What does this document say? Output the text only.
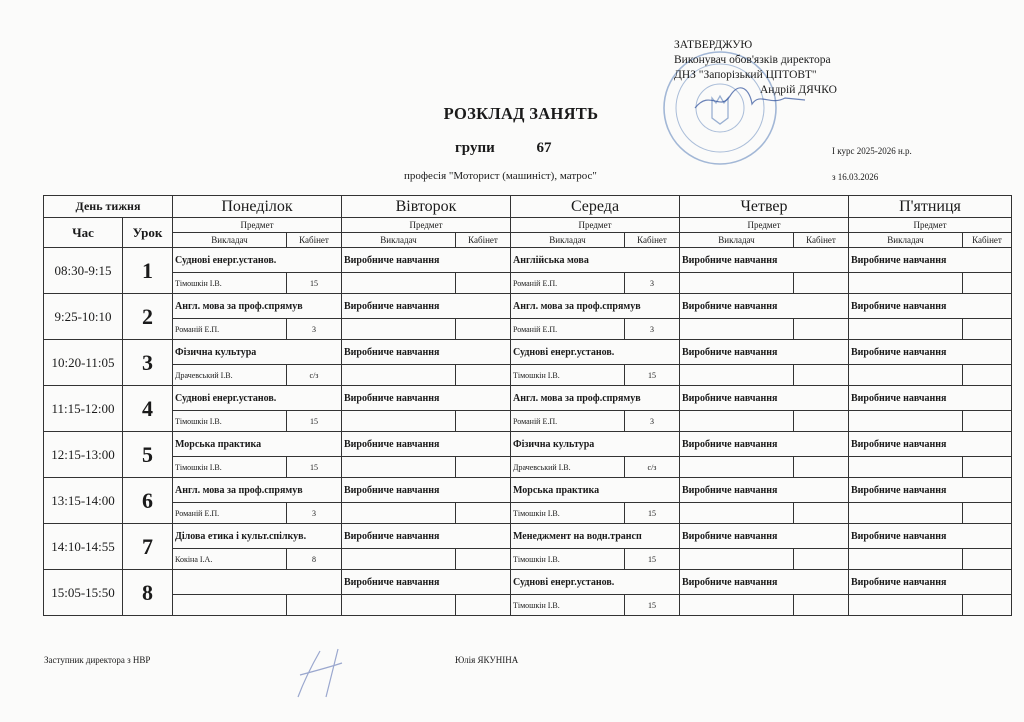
ЗАТВЕРДЖУЮ
Виконувач обов'язків директора
ДНЗ "Запорізький ЦПТОВТ"
Андрій ДЯЧКО
РОЗКЛАД ЗАНЯТЬ
групи	67	І курс 2025-2026 н.р.
професія "Моторист (машиніст), матрос"	з 16.03.2026
День тижня		Понеділок		Вівторок		Середа		Четвер		П'ятниця	
Час	Урок	Предмет		Предмет		Предмет		Предмет		Предмет	
		Викладач	Кабінет	Викладач	Кабінет	Викладач	Кабінет	Викладач	Кабінет	Викладач	Кабінет
08:30-9:15	1	Суднові енерг.установ.		Виробниче навчання		Англійська мова		Виробниче навчання		Виробниче навчання	
		Тімошкін І.В.	15			Романій Е.П.	3				
9:25-10:10	2	Англ. мова за проф.спрямув		Виробниче навчання		Англ. мова за проф.спрямув		Виробниче навчання		Виробниче навчання	
		Романій Е.П.	3			Романій Е.П.	3				
10:20-11:05	3	Фізична культура		Виробниче навчання		Суднові енерг.установ.		Виробниче навчання		Виробниче навчання	
		Драчевський І.В.	с/з			Тімошкін І.В.	15				
11:15-12:00	4	Суднові енерг.установ.		Виробниче навчання		Англ. мова за проф.спрямув		Виробниче навчання		Виробниче навчання	
		Тімошкін І.В.	15			Романій Е.П.	3				
12:15-13:00	5	Морська практика		Виробниче навчання		Фізична культура		Виробниче навчання		Виробниче навчання	
		Тімошкін І.В.	15			Драчевський І.В.	с/з				
13:15-14:00	6	Англ. мова за проф.спрямув		Виробниче навчання		Морська практика		Виробниче навчання		Виробниче навчання	
		Романій Е.П.	3			Тімошкін І.В.	15				
14:10-14:55	7	Ділова етика і культ.спілкув.		Виробниче навчання		Менеджмент на водн.трансп		Виробниче навчання		Виробниче навчання	
		Кокіна І.А.	8			Тімошкін І.В.	15				
15:05-15:50	8			Виробниче навчання		Суднові енерг.установ.		Виробниче навчання		Виробниче навчання	
						Тімошкін І.В.	15				
Заступник директора з НВР	Юлія ЯКУНІНА
